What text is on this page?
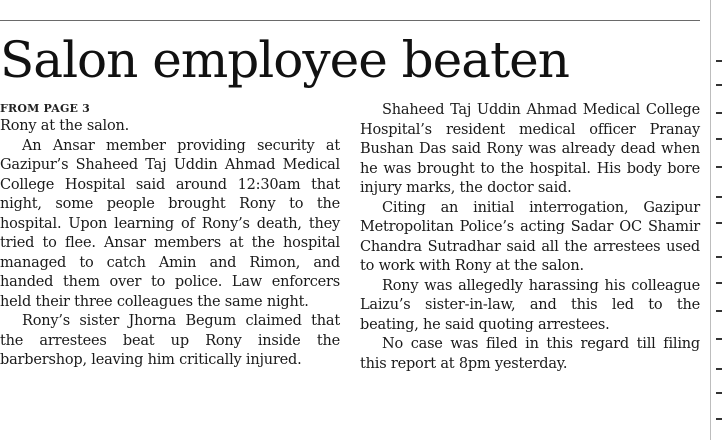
Salon employee beaten
FROM PAGE 3

Rony at the salon.

An Ansar member providing security at Gazipur’s Shaheed Taj Uddin Ahmad Medical College Hospital said around 12:30am that night, some people brought Rony to the hospital. Upon learning of Rony’s death, they tried to flee. Ansar members at the hospital managed to catch Amin and Rimon, and handed them over to police. Law enforcers held their three colleagues the same night.

Rony’s sister Jhorna Begum claimed that the arrestees beat up Rony inside the barbershop, leaving him critically injured.

Shaheed Taj Uddin Ahmad Medical College Hospital’s resident medical officer Pranay Bushan Das said Rony was already dead when he was brought to the hospital. His body bore injury marks, the doctor said.

Citing an initial interrogation, Gazipur Metropolitan Police’s acting Sadar OC Shamir Chandra Sutradhar said all the arrestees used to work with Rony at the salon.

Rony was allegedly harassing his colleague Laizu’s sister-in-law, and this led to the beating, he said quoting arrestees.

No case was filed in this regard till filing this report at 8pm yesterday.
